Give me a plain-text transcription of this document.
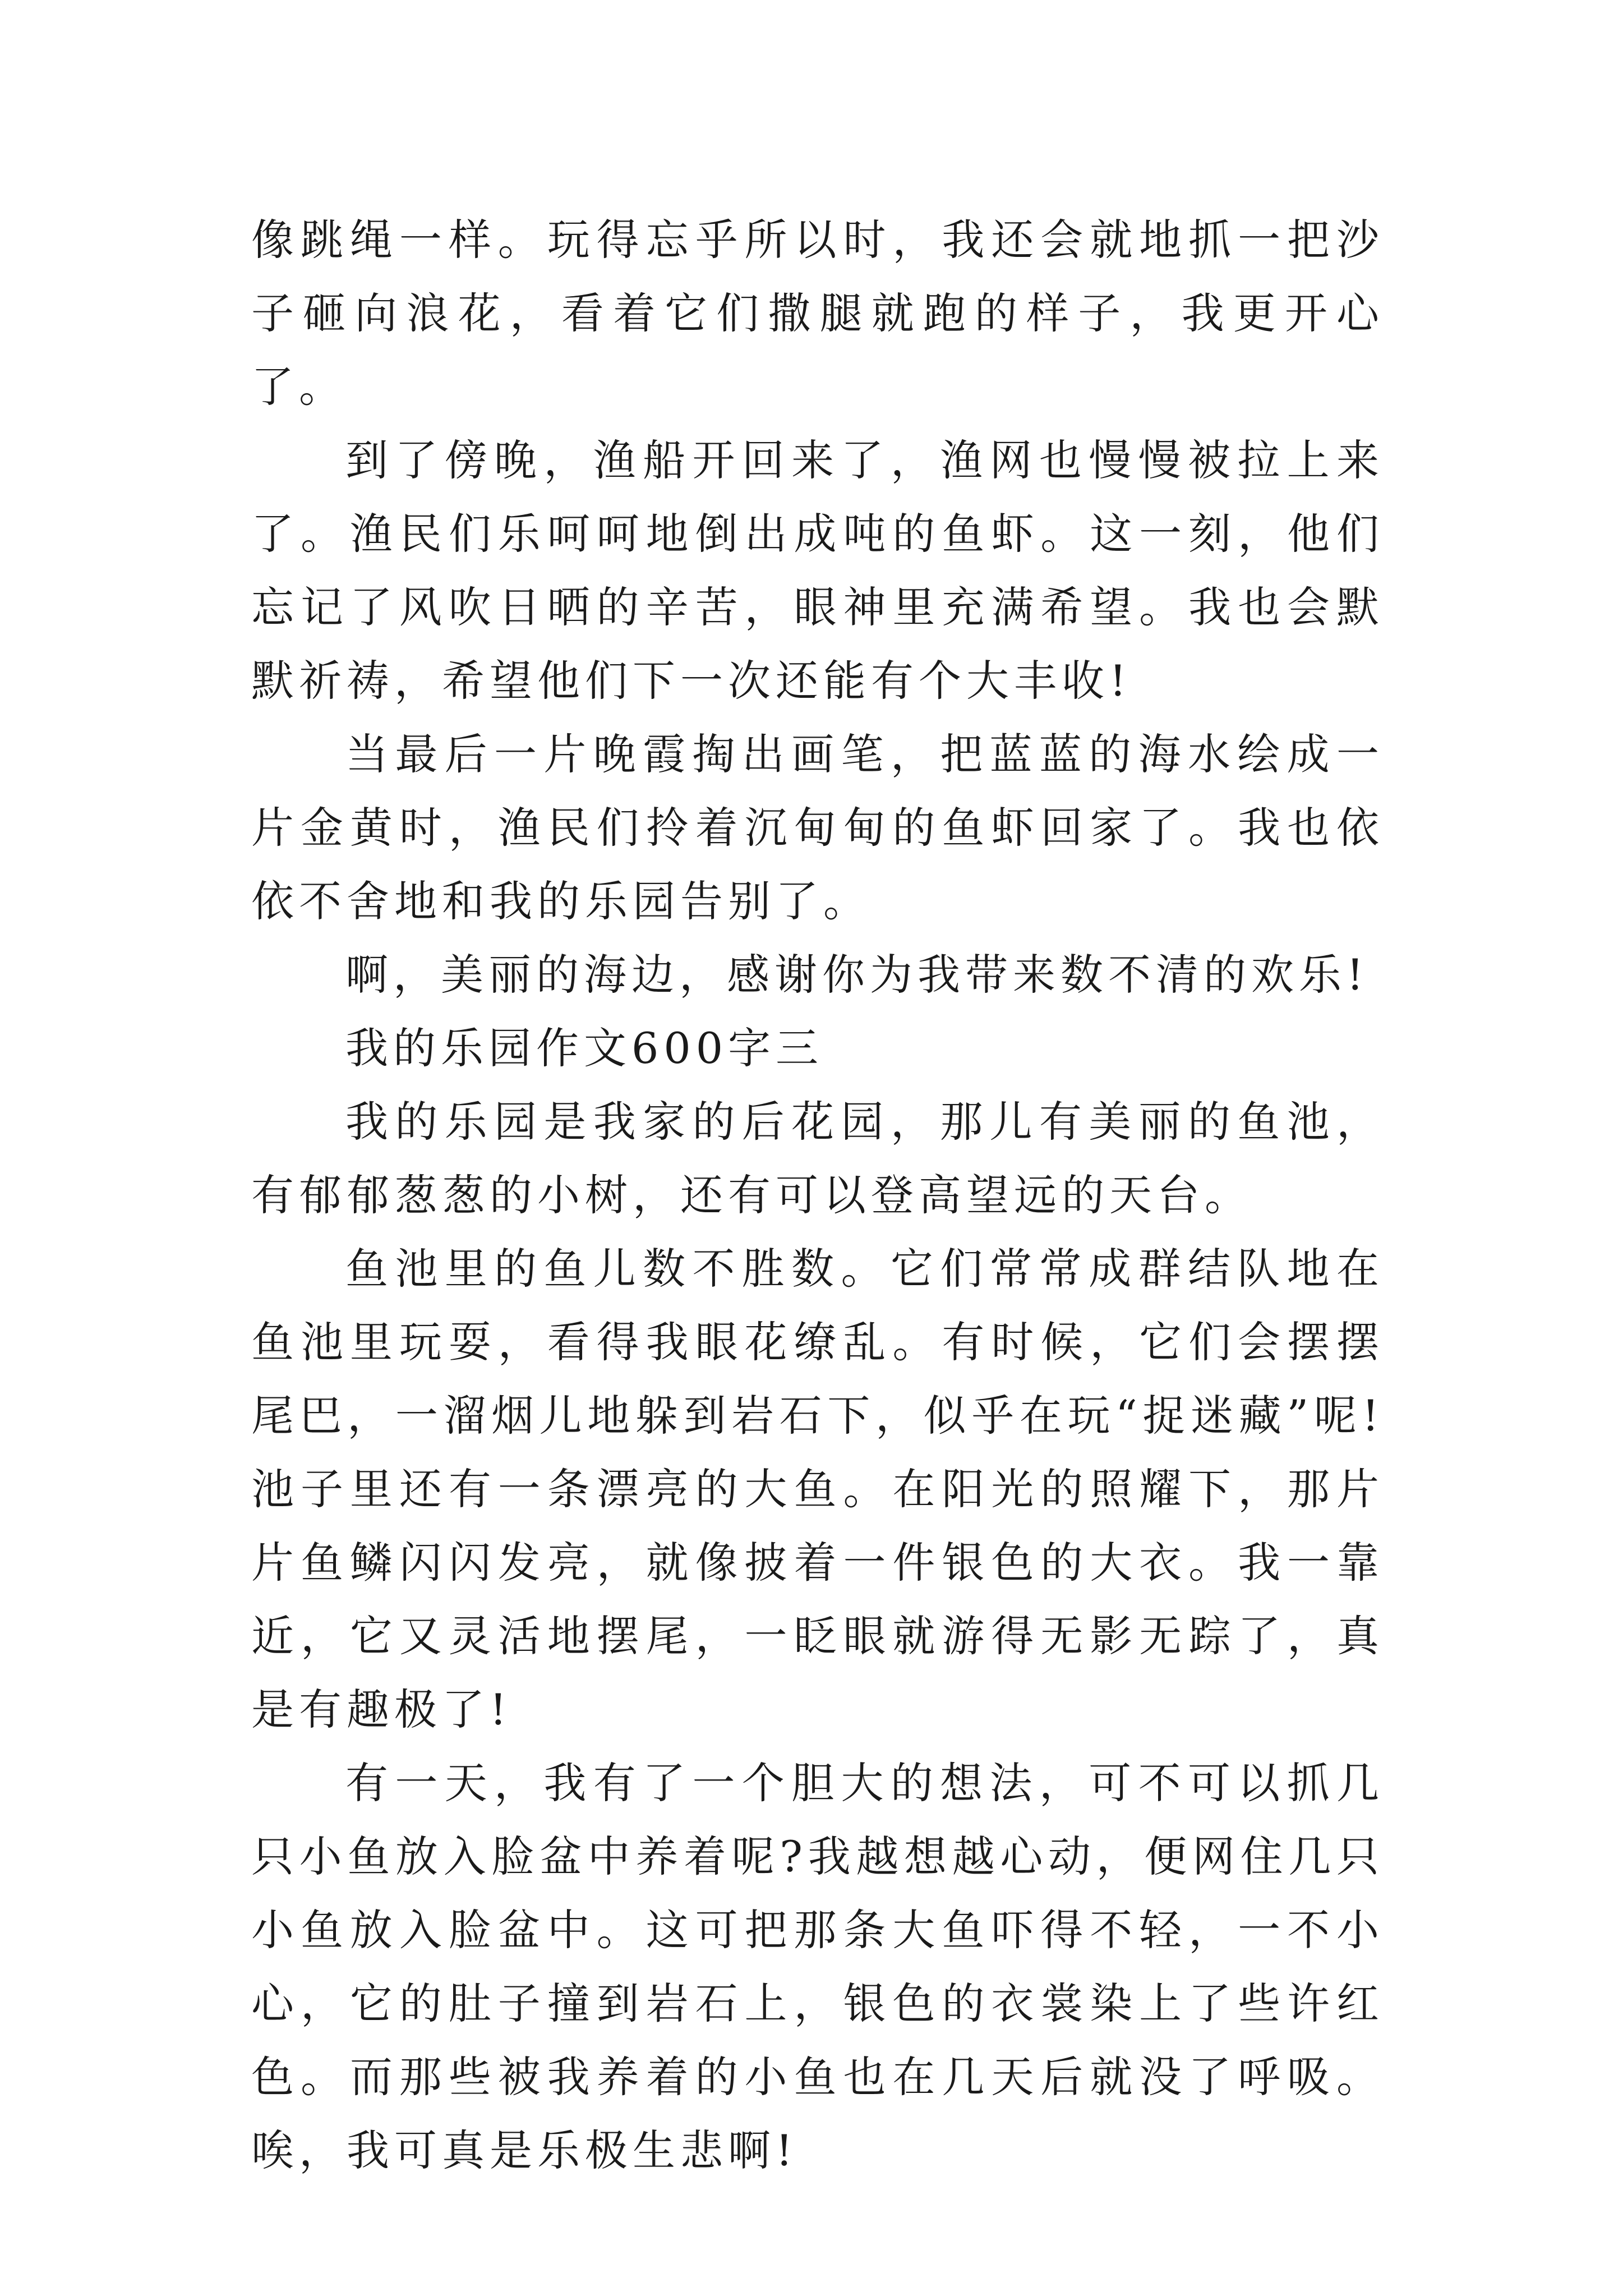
像跳绳一样。玩得忘乎所以时，我还会就地抓一把沙子砸向浪花，看着它们撒腿就跑的样子，我更开心了。

到了傍晚，渔船开回来了，渔网也慢慢被拉上来了。渔民们乐呵呵地倒出成吨的鱼虾。这一刻，他们忘记了风吹日晒的辛苦，眼神里充满希望。我也会默默祈祷，希望他们下一次还能有个大丰收!

当最后一片晚霞掏出画笔，把蓝蓝的海水绘成一片金黄时，渔民们拎着沉甸甸的鱼虾回家了。我也依依不舍地和我的乐园告别了。

啊，美丽的海边，感谢你为我带来数不清的欢乐!

我的乐园作文600字三

我的乐园是我家的后花园，那儿有美丽的鱼池，有郁郁葱葱的小树，还有可以登高望远的天台。

鱼池里的鱼儿数不胜数。它们常常成群结队地在鱼池里玩耍，看得我眼花缭乱。有时候，它们会摆摆尾巴，一溜烟儿地躲到岩石下，似乎在玩“捉迷藏”呢!池子里还有一条漂亮的大鱼。在阳光的照耀下，那片片鱼鳞闪闪发亮，就像披着一件银色的大衣。我一靠近，它又灵活地摆尾，一眨眼就游得无影无踪了，真是有趣极了!

有一天，我有了一个胆大的想法，可不可以抓几只小鱼放入脸盆中养着呢?我越想越心动，便网住几只小鱼放入脸盆中。这可把那条大鱼吓得不轻，一不小心，它的肚子撞到岩石上，银色的衣裳染上了些许红色。而那些被我养着的小鱼也在几天后就没了呼吸。唉，我可真是乐极生悲啊!
